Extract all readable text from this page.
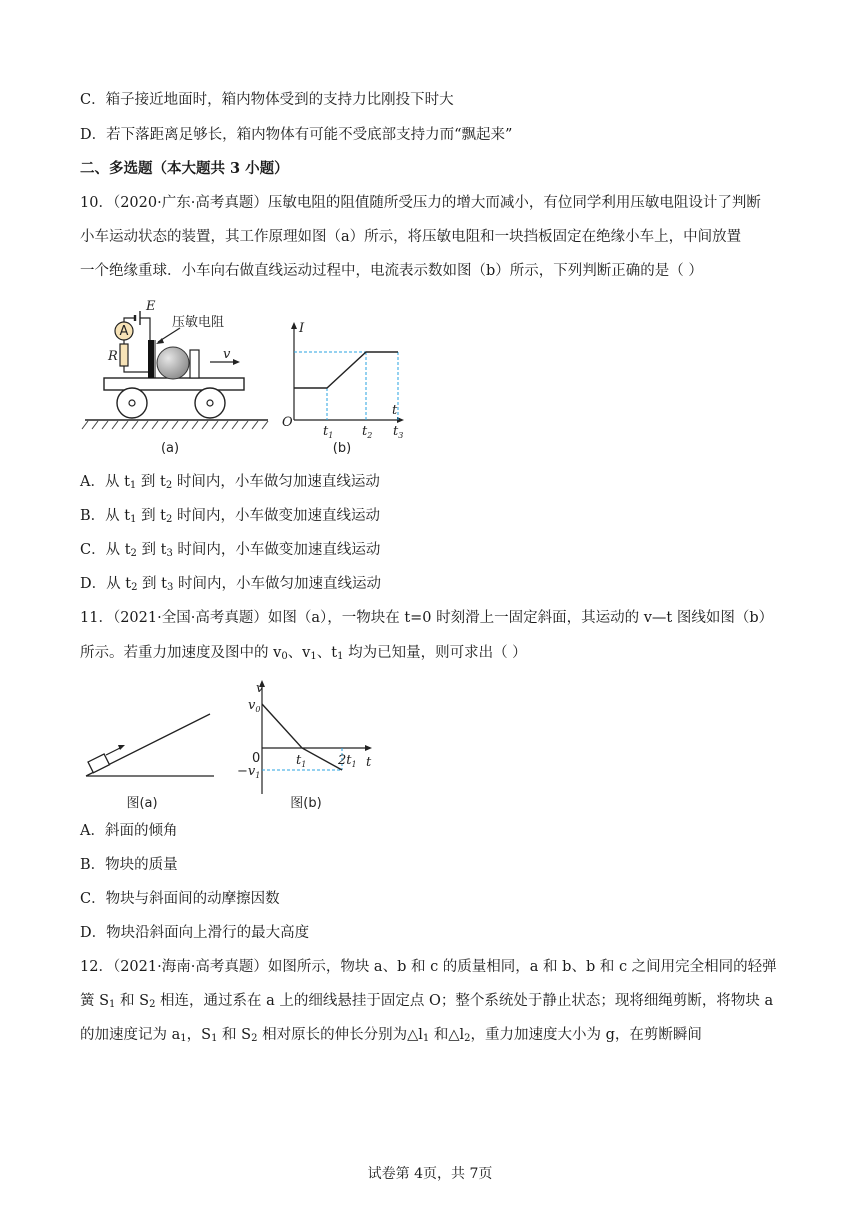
C．箱子接近地面时，箱内物体受到的支持力比刚投下时大
D．若下落距离足够长，箱内物体有可能不受底部支持力而“飘起来”
二、多选题（本大题共 3 小题）
10．（2020·广东·高考真题）压敏电阻的阻值随所受压力的增大而减小，有位同学利用压敏电阻设计了判断
小车运动状态的装置，其工作原理如图（a）所示，将压敏电阻和一块挡板固定在绝缘小车上，中间放置
一个绝缘重球．小车向右做直线运动过程中，电流表示数如图（b）所示，下列判断正确的是（ ）
A
E
R
压敏电阻
v
(a)
I
t
O
$t_1$ $t_2$ $t_3$
(b)
A．从 $t_1$ 到 $t_2$ 时间内，小车做匀加速直线运动
B．从 $t_1$ 到 $t_2$ 时间内，小车做变加速直线运动
C．从 $t_2$ 到 $t_3$ 时间内，小车做变加速直线运动
D．从 $t_2$ 到 $t_3$ 时间内，小车做匀加速直线运动
11．（2021·全国·高考真题）如图（a），一物块在 t=0 时刻滑上一固定斜面，其运动的 v—t 图线如图（b）
所示。若重力加速度及图中的 $v_0$、$v_1$、$t_1$ 均为已知量，则可求出（ ）
图(a)
v
t
$v_0$
0	$t_1$
$-v_1$
$2t_1$
图(b)
A．斜面的倾角
B．物块的质量
C．物块与斜面间的动摩擦因数
D．物块沿斜面向上滑行的最大高度
12．（2021·海南·高考真题）如图所示，物块 a、b 和 c 的质量相同，a 和 b、b 和 c 之间用完全相同的轻弹
簧 $S_1$ 和 $S_2$ 相连，通过系在 a 上的细线悬挂于固定点 O；整个系统处于静止状态；现将细绳剪断，将物块 a
的加速度记为 $a_1$，$S_1$ 和 $S_2$ 相对原长的伸长分别为$\triangle l_1$ 和$\triangle l_2$，重力加速度大小为 g，在剪断瞬间
试卷第 4页，共 7页
